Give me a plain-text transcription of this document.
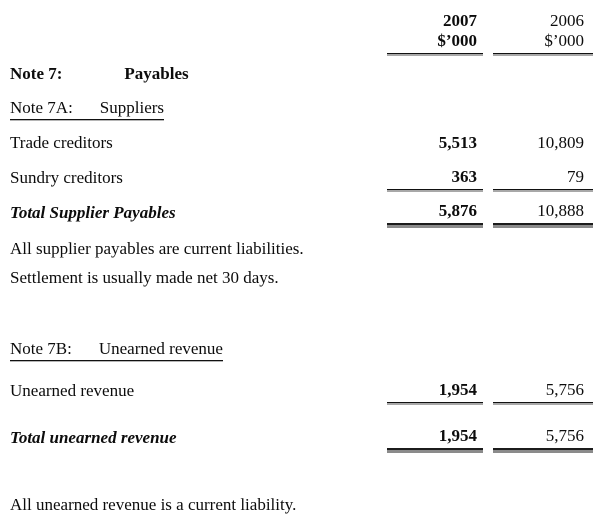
2007	2006
$’000	$’000
Note 7:	Payables
Note 7A: Suppliers
Trade creditors	5,513	10,809
Sundry creditors	363	79
Total Supplier Payables	5,876	10,888
All supplier payables are current liabilities.
Settlement is usually made net 30 days.
Note 7B: Unearned revenue
Unearned revenue	1,954	5,756
Total unearned revenue	1,954	5,756
All unearned revenue is a current liability.
